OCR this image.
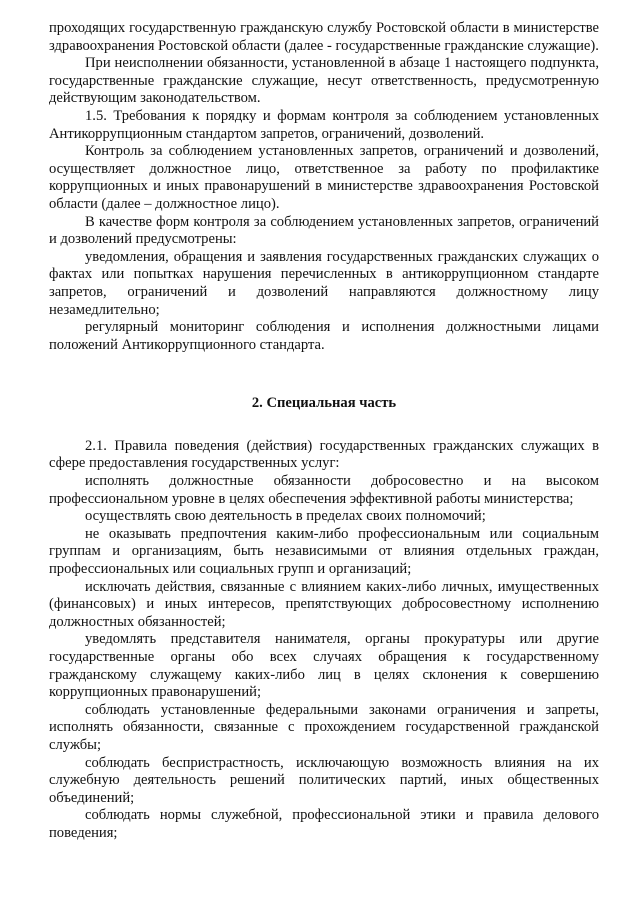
проходящих государственную гражданскую службу Ростовской области в министерстве здравоохранения Ростовской области (далее - государственные гражданские служащие).

При неисполнении обязанности, установленной в абзаце 1 настоящего подпункта, государственные гражданские служащие, несут ответственность, предусмотренную действующим законодательством.

1.5. Требования к порядку и формам контроля за соблюдением установленных Антикоррупционным стандартом запретов, ограничений, дозволений.

Контроль за соблюдением установленных запретов, ограничений и дозволений, осуществляет должностное лицо, ответственное за работу по профилактике коррупционных и иных правонарушений в министерстве здравоохранения Ростовской области (далее – должностное лицо).

В качестве форм контроля за соблюдением установленных запретов, ограничений и дозволений предусмотрены:

уведомления, обращения и заявления государственных гражданских служащих о фактах или попытках нарушения перечисленных в антикоррупционном стандарте запретов, ограничений и дозволений направляются должностному лицу незамедлительно;

регулярный мониторинг соблюдения и исполнения должностными лицами положений Антикоррупционного стандарта.

2. Специальная часть

2.1. Правила поведения (действия) государственных гражданских служащих в сфере предоставления государственных услуг:

исполнять должностные обязанности добросовестно и на высоком профессиональном уровне в целях обеспечения эффективной работы министерства;

осуществлять свою деятельность в пределах своих полномочий;

не оказывать предпочтения каким-либо профессиональным или социальным группам и организациям, быть независимыми от влияния отдельных граждан, профессиональных или социальных групп и организаций;

исключать действия, связанные с влиянием каких-либо личных, имущественных (финансовых) и иных интересов, препятствующих добросовестному исполнению должностных обязанностей;

уведомлять представителя нанимателя, органы прокуратуры или другие государственные органы обо всех случаях обращения к государственному гражданскому служащему каких-либо лиц в целях склонения к совершению коррупционных правонарушений;

соблюдать установленные федеральными законами ограничения и запреты, исполнять обязанности, связанные с прохождением государственной гражданской службы;

соблюдать беспристрастность, исключающую возможность влияния на их служебную деятельность решений политических партий, иных общественных объединений;

соблюдать нормы служебной, профессиональной этики и правила делового поведения;
